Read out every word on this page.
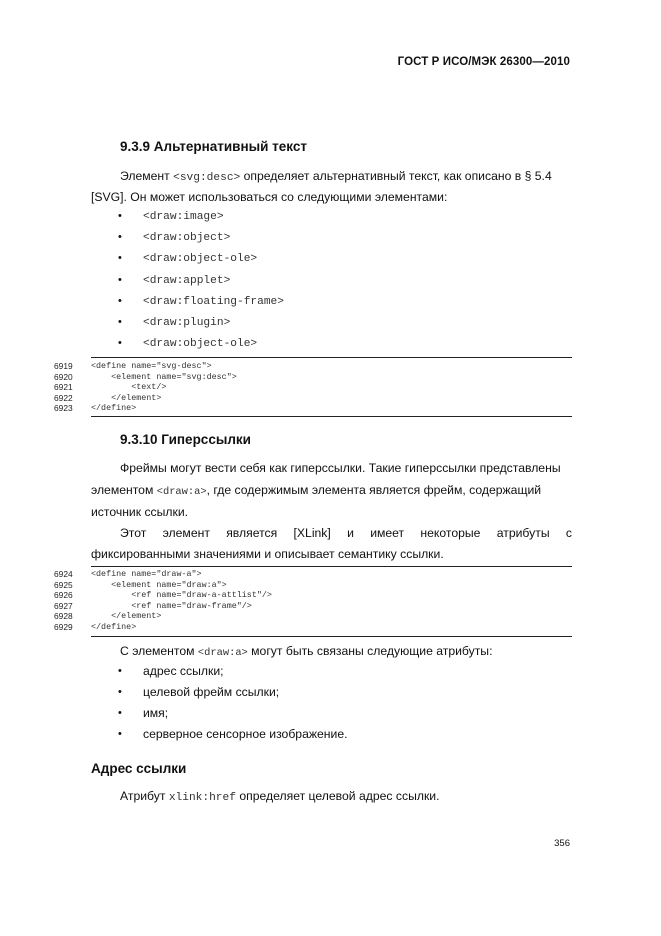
ГОСТ Р ИСО/МЭК 26300—2010
9.3.9 Альтернативный текст
Элемент <svg:desc> определяет альтернативный текст, как описано в § 5.4
[SVG]. Он может использоваться со следующими элементами:
• <draw:image>
• <draw:object>
• <draw:object-ole>
• <draw:applet>
• <draw:floating-frame>
• <draw:plugin>
• <draw:object-ole>
6919	<define name="svg-desc">
6920	<element name="svg:desc">
6921	<text/>
6922	</element>
6923	</define>
9.3.10 Гиперссылки
Фреймы могут вести себя как гиперссылки. Такие гиперссылки представлены
элементом <draw:a>, где содержимым элемента является фрейм, содержащий
источник ссылки.
Этот элемент является [XLink] и имеет некоторые атрибуты с
фиксированными значениями и описывает семантику ссылки.
6924	<define name="draw-a">
6925	<element name="draw:a">
6926	<ref name="draw-a-attlist"/>
6927	<ref name="draw-frame"/>
6928	</element>
6929	</define>
С элементом <draw:a> могут быть связаны следующие атрибуты:
• адрес ссылки;
• целевой фрейм ссылки;
• имя;
• серверное сенсорное изображение.
Адрес ссылки
Атрибут xlink:href определяет целевой адрес ссылки.
356
